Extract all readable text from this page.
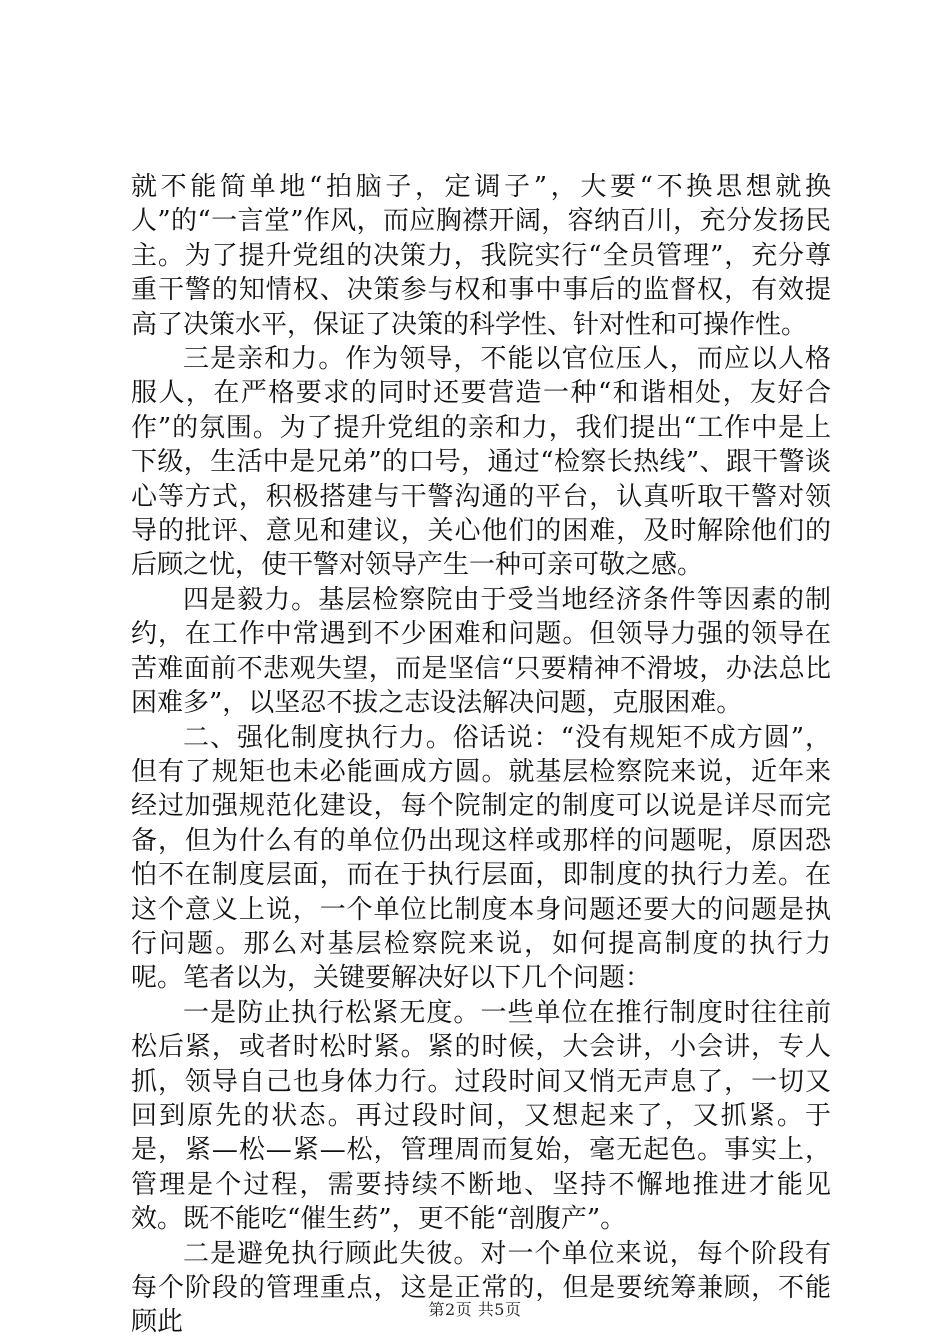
就不能简单地“拍脑子，定调子”，大要“不换思想就换人”的“一言堂”作风，而应胸襟开阔，容纳百川，充分发扬民主。为了提升党组的决策力，我院实行“全员管理”，充分尊重干警的知情权、决策参与权和事中事后的监督权，有效提高了决策水平，保证了决策的科学性、针对性和可操作性。

三是亲和力。作为领导，不能以官位压人，而应以人格服人，在严格要求的同时还要营造一种“和谐相处，友好合作”的氛围。为了提升党组的亲和力，我们提出“工作中是上下级，生活中是兄弟”的口号，通过“检察长热线”、跟干警谈心等方式，积极搭建与干警沟通的平台，认真听取干警对领导的批评、意见和建议，关心他们的困难，及时解除他们的后顾之忧，使干警对领导产生一种可亲可敬之感。

四是毅力。基层检察院由于受当地经济条件等因素的制约，在工作中常遇到不少困难和问题。但领导力强的领导在苦难面前不悲观失望，而是坚信“只要精神不滑坡，办法总比困难多”，以坚忍不拔之志设法解决问题，克服困难。

二、强化制度执行力。俗话说：“没有规矩不成方圆”，但有了规矩也未必能画成方圆。就基层检察院来说，近年来经过加强规范化建设，每个院制定的制度可以说是详尽而完备，但为什么有的单位仍出现这样或那样的问题呢，原因恐怕不在制度层面，而在于执行层面，即制度的执行力差。在这个意义上说，一个单位比制度本身问题还要大的问题是执行问题。那么对基层检察院来说，如何提高制度的执行力呢。笔者以为，关键要解决好以下几个问题：

一是防止执行松紧无度。一些单位在推行制度时往往前松后紧，或者时松时紧。紧的时候，大会讲，小会讲，专人抓，领导自己也身体力行。过段时间又悄无声息了，一切又回到原先的状态。再过段时间，又想起来了，又抓紧。于是，紧—松—紧—松，管理周而复始，毫无起色。事实上，管理是个过程，需要持续不断地、坚持不懈地推进才能见效。既不能吃“催生药”，更不能“剖腹产”。

二是避免执行顾此失彼。对一个单位来说，每个阶段有每个阶段的管理重点，这是正常的，但是要统筹兼顾，不能顾此	第2页 共5页
